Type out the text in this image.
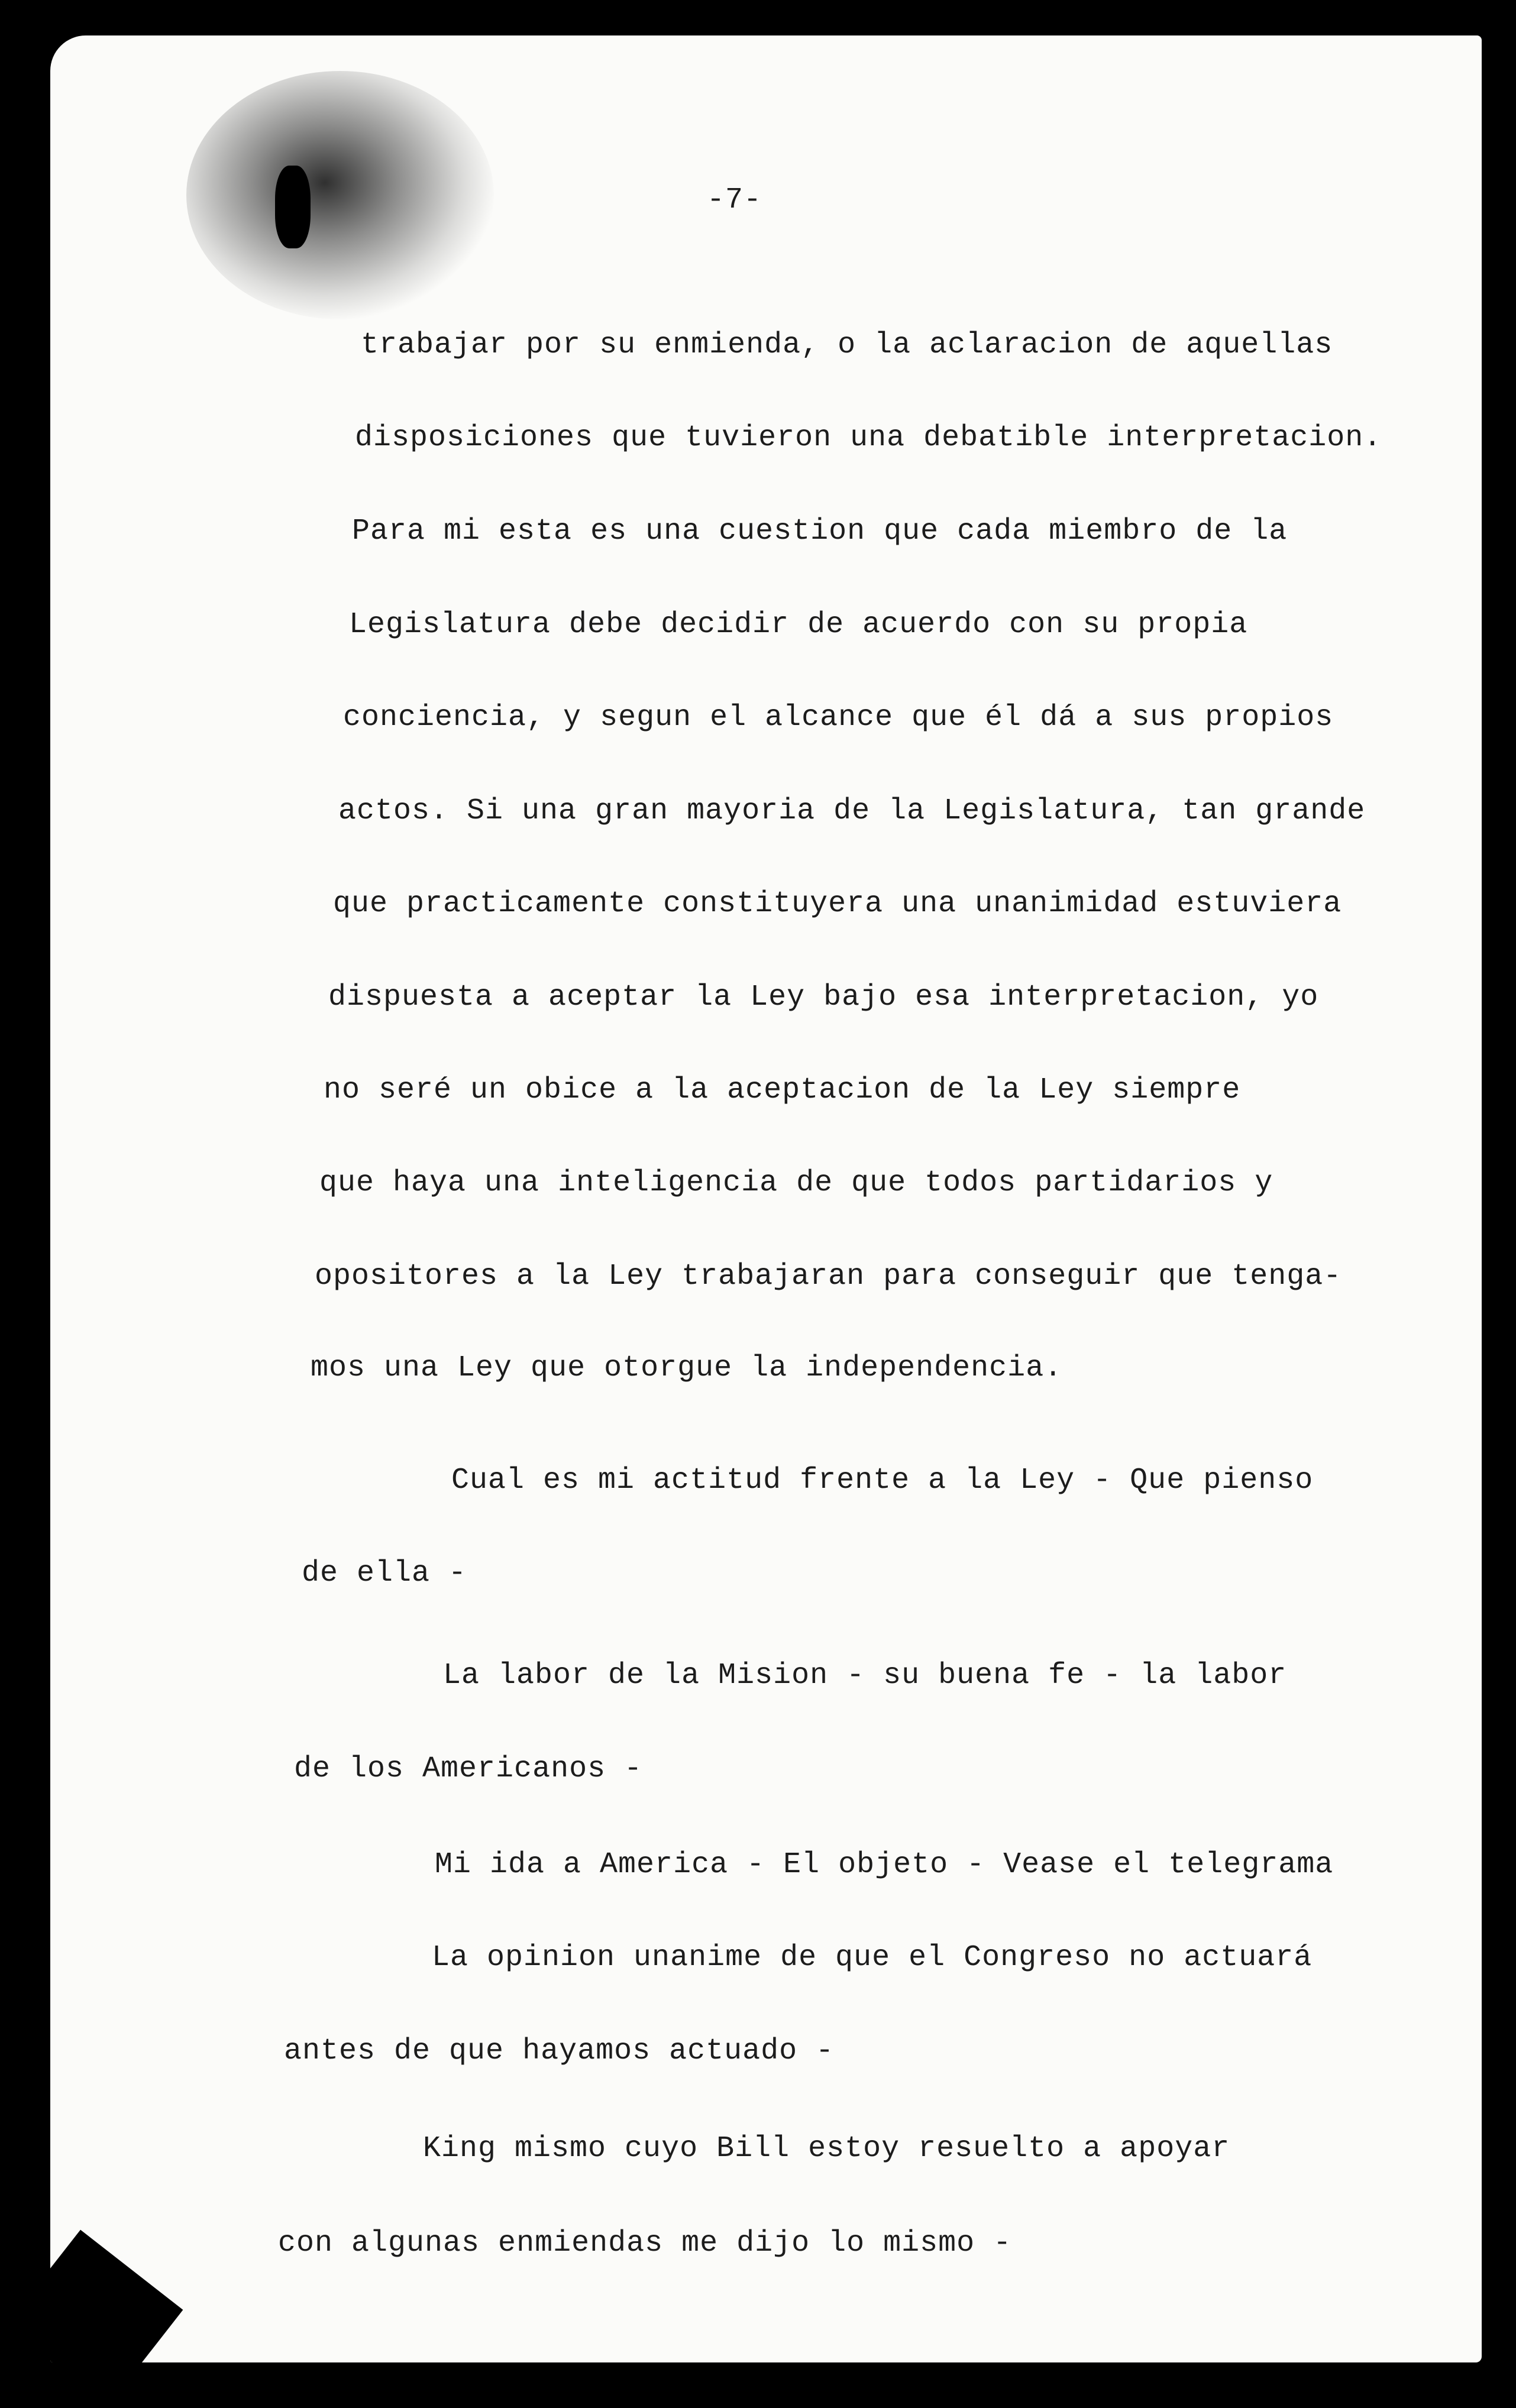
-7-

trabajar por su enmienda, o la aclaracion de aquellas

disposiciones que tuvieron una debatible interpretacion.

Para mi esta es una cuestion que cada miembro de la

Legislatura debe decidir de acuerdo con su propia

conciencia, y segun el alcance que él dá a sus propios

actos. Si una gran mayoria de la Legislatura, tan grande

que practicamente constituyera una unanimidad estuviera

dispuesta a aceptar la Ley bajo esa interpretacion, yo

no seré un obice a la aceptacion de la Ley siempre

que haya una inteligencia de que todos partidarios y

opositores a la Ley trabajaran para conseguir que tenga-

mos una Ley que otorgue la independencia.

Cual es mi actitud frente a la Ley - Que pienso

de ella -

La labor de la Mision - su buena fe - la labor

de los Americanos -

Mi ida a America - El objeto - Vease el telegrama

La opinion unanime de que el Congreso no actuará

antes de que hayamos actuado -

King mismo cuyo Bill estoy resuelto a apoyar

con algunas enmiendas me dijo lo mismo -
